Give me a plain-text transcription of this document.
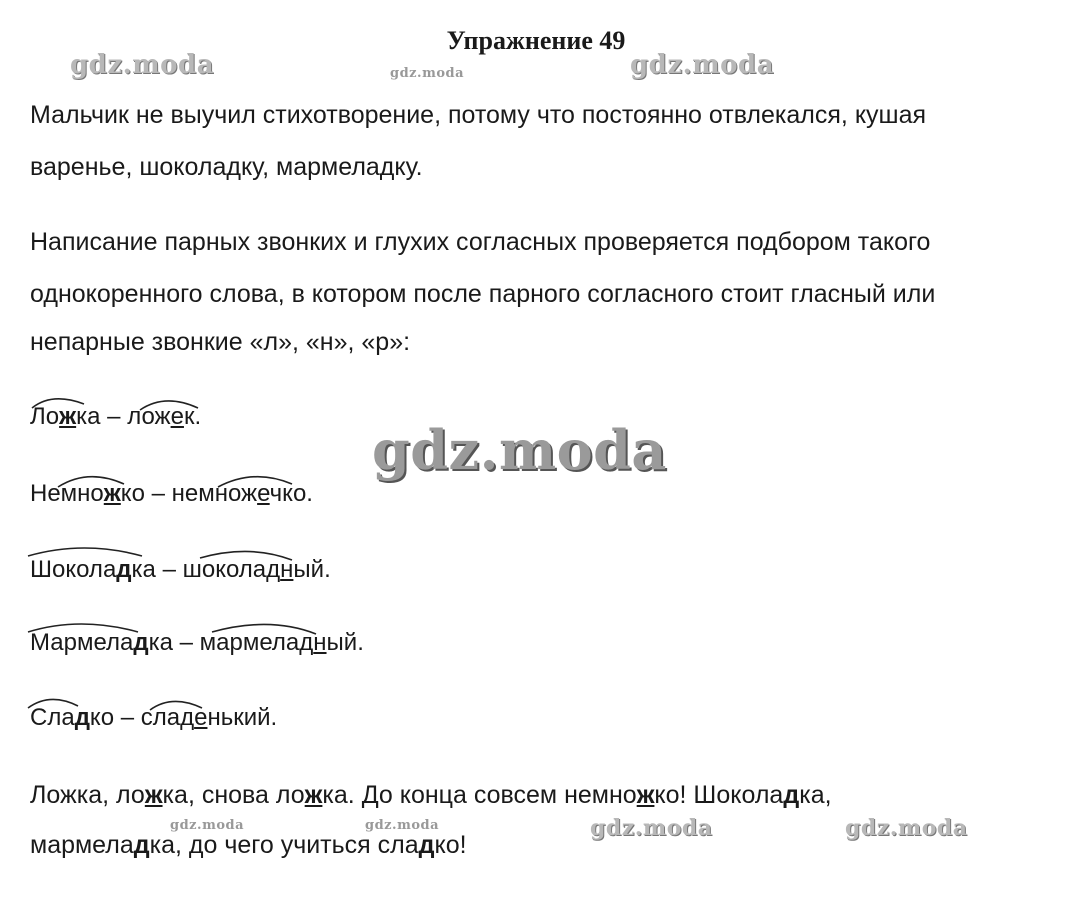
Упражнение 49
gdz.moda	gdz.moda	gdz.moda
gdz.moda
gdz.moda	gdz.moda	gdz.moda	gdz.moda
Мальчик не выучил стихотворение, потому что постоянно отвлекался, кушая
варенье, шоколадку, мармеладку.
Написание парных звонких и глухих согласных проверяется подбором такого
однокоренного слова, в котором после парного согласного стоит гласный или
непарные звонкие «л», «н», «р»:
Ложка – ложек.
Немножко – немножечко.
Шоколадка – шоколадный.
Мармеладка – мармеладный.
Сладко – сладенький.
Ложка, ложка, снова ложка. До конца совсем немножко! Шоколадка,
мармеладка, до чего учиться сладко!
